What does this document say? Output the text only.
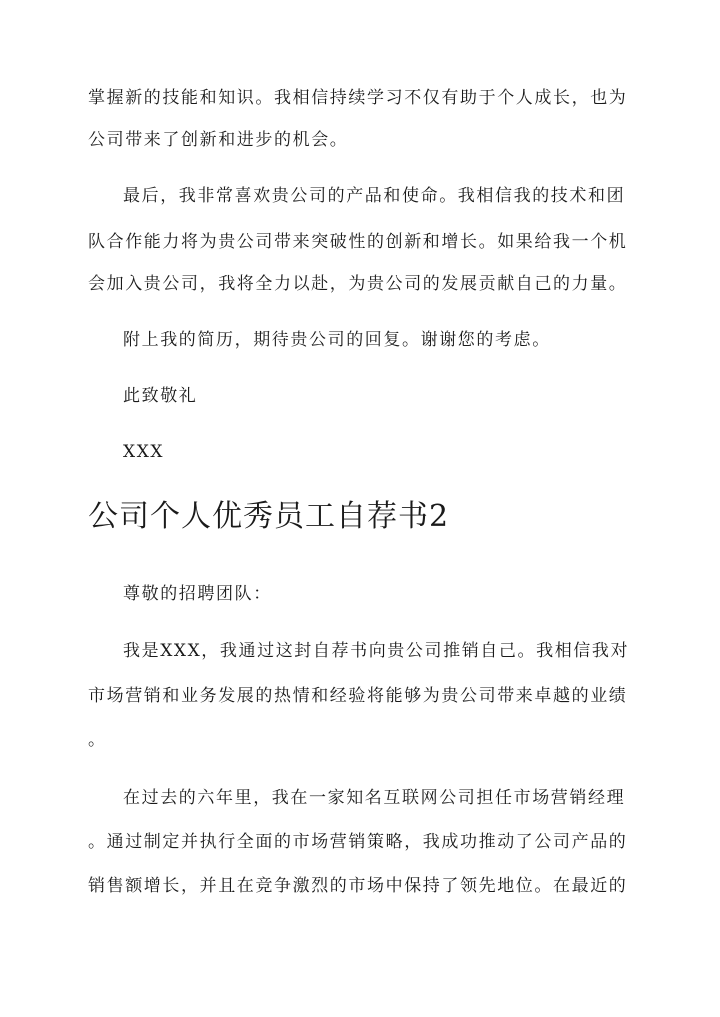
掌握新的技能和知识。我相信持续学习不仅有助于个人成长，也为
公司带来了创新和进步的机会。
最后，我非常喜欢贵公司的产品和使命。我相信我的技术和团
队合作能力将为贵公司带来突破性的创新和增长。如果给我一个机
会加入贵公司，我将全力以赴，为贵公司的发展贡献自己的力量。
附上我的简历，期待贵公司的回复。谢谢您的考虑。
此致敬礼
XXX
公司个人优秀员工自荐书2
尊敬的招聘团队：
我是XXX，我通过这封自荐书向贵公司推销自己。我相信我对
市场营销和业务发展的热情和经验将能够为贵公司带来卓越的业绩
。
在过去的六年里，我在一家知名互联网公司担任市场营销经理
。通过制定并执行全面的市场营销策略，我成功推动了公司产品的
销售额增长，并且在竞争激烈的市场中保持了领先地位。在最近的
